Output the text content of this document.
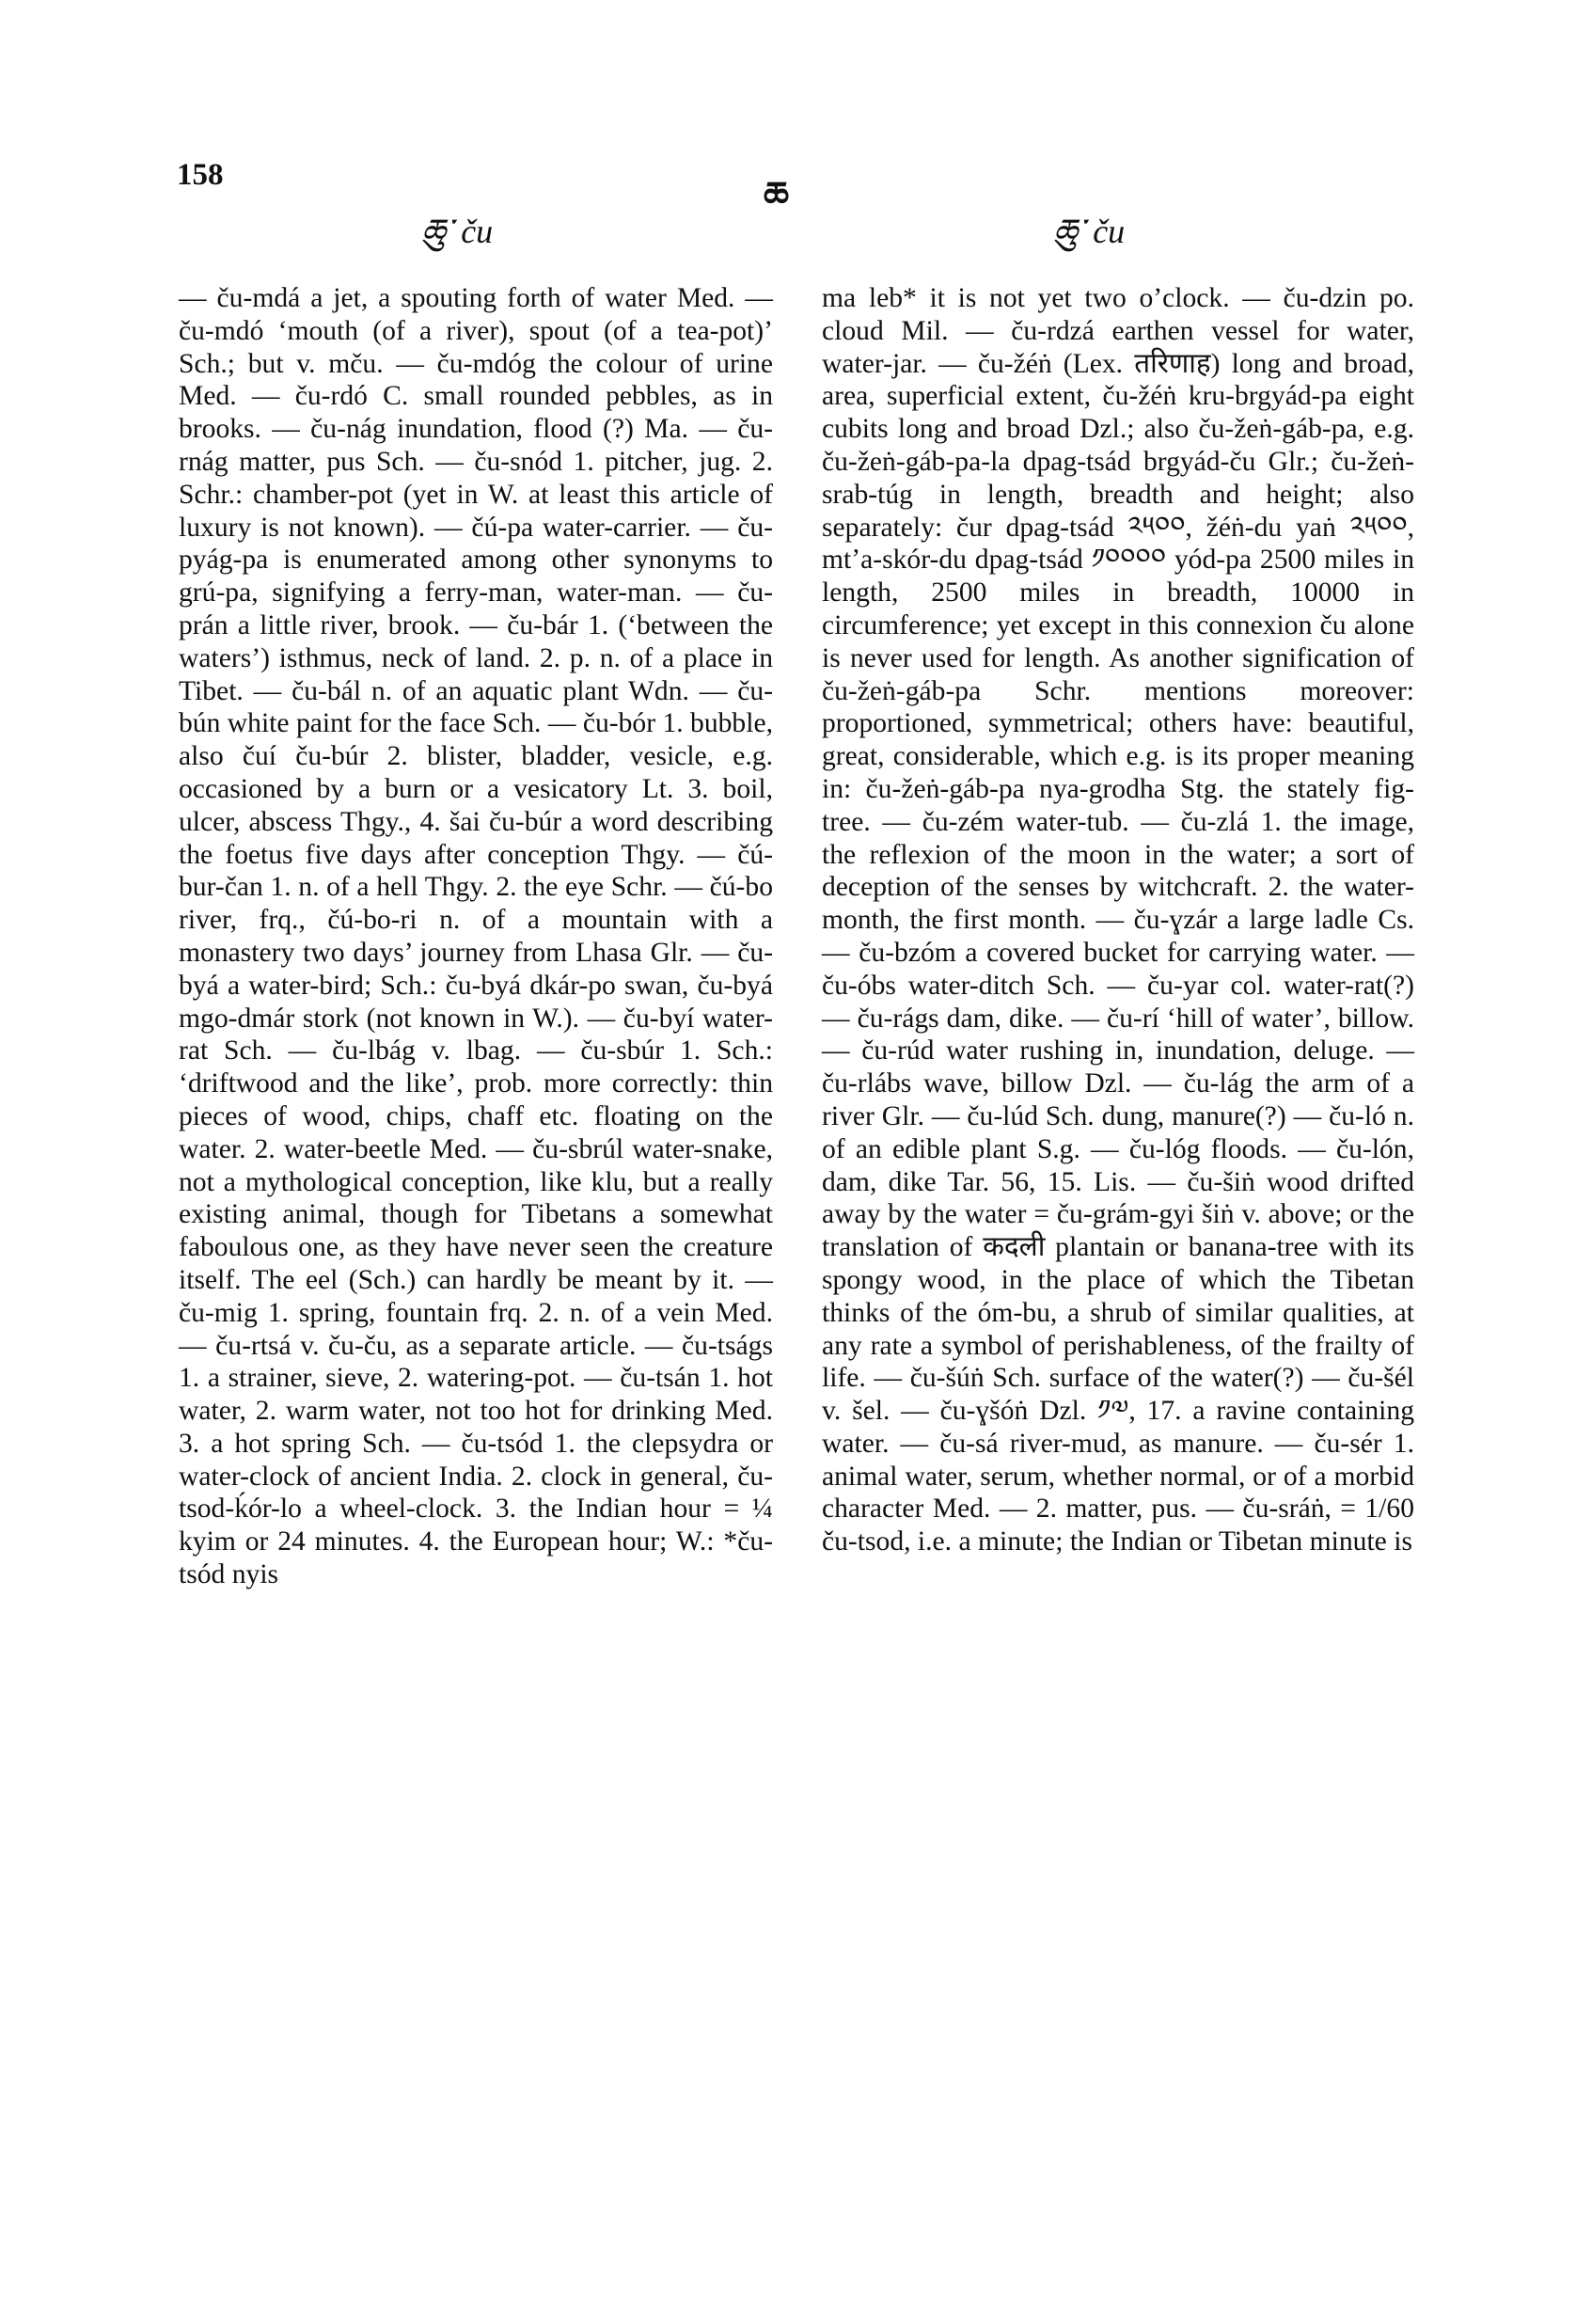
158
ཆ
ཆུ་ ču	ཆུ་ ču

— ču-mdá a jet, a spouting forth of water Med. — ču-mdó ‘mouth (of a river), spout (of a tea-pot)’ Sch.; but v. mču. — ču-mdóg the colour of urine Med. — ču-rdó C. small rounded pebbles, as in brooks. — ču-nág inundation, flood (?) Ma. — ču-rnág matter, pus Sch. — ču-snód 1. pitcher, jug. 2. Schr.: chamber-pot (yet in W. at least this article of luxury is not known). — čú-pa water-carrier. — ču-pyág-pa is enumerated among other synonyms to grú-pa, signifying a ferry-man, water-man. — ču-prán a little river, brook. — ču-bár 1. (‘between the waters’) isthmus, neck of land. 2. p. n. of a place in Tibet. — ču-bál n. of an aquatic plant Wdn. — ču-bún white paint for the face Sch. — ču-bór 1. bubble, also čuí ču-búr 2. blister, bladder, vesicle, e.g. occasioned by a burn or a vesicatory Lt. 3. boil, ulcer, abscess Thgy., 4. šai ču-búr a word describing the foetus five days after conception Thgy. — čú-bur-čan 1. n. of a hell Thgy. 2. the eye Schr. — čú-bo river, frq., čú-bo-ri n. of a mountain with a monastery two days’ journey from Lhasa Glr. — ču-byá a water-bird; Sch.: ču-byá dkár-po swan, ču-byá mgo-dmár stork (not known in W.). — ču-byí water-rat Sch. — ču-lbág v. lbag. — ču-sbúr 1. Sch.: ‘driftwood and the like’, prob. more correctly: thin pieces of wood, chips, chaff etc. floating on the water. 2. water-beetle Med. — ču-sbrúl water-snake, not a mythological conception, like klu, but a really existing animal, though for Tibetans a somewhat faboulous one, as they have never seen the creature itself. The eel (Sch.) can hardly be meant by it. — ču-mig 1. spring, fountain frq. 2. n. of a vein Med. — ču-rtsá v. ču-ču, as a separate article. — ču-tságs 1. a strainer, sieve, 2. watering-pot. — ču-tsán 1. hot water, 2. warm water, not too hot for drinking Med. 3. a hot spring Sch. — ču-tsód 1. the clepsydra or water-clock of ancient India. 2. clock in general, ču-tsod-ḱór-lo a wheel-clock. 3. the Indian hour = ¼ kyim or 24 minutes. 4. the European hour; W.: *ču-tsód nyis

ma leb* it is not yet two o’clock. — ču-dzin po. cloud Mil. — ču-rdzá earthen vessel for water, water-jar. — ču-žéṅ (Lex. तरिणाह) long and broad, area, superficial extent, ču-žéṅ kru-brgyád-pa eight cubits long and broad Dzl.; also ču-žeṅ-gáb-pa, e.g. ču-žeṅ-gáb-pa-la dpag-tsád brgyád-ču Glr.; ču-žeṅ-srab-túg in length, breadth and height; also separately: čur dpag-tsád ༢༥༠༠, žéṅ-du yaṅ ༢༥༠༠, mtʼa-skór-du dpag-tsád ༡༠༠༠༠ yód-pa 2500 miles in length, 2500 miles in breadth, 10000 in circumference; yet except in this connexion ču alone is never used for length. As another signification of ču-žeṅ-gáb-pa Schr. mentions moreover: proportioned, symmetrical; others have: beautiful, great, considerable, which e.g. is its proper meaning in: ču-žeṅ-gáb-pa nya-grodha Stg. the stately fig-tree. — ču-zém water-tub. — ču-zlá 1. the image, the reflexion of the moon in the water; a sort of deception of the senses by witchcraft. 2. the water-month, the first month. — ču-ɣzár a large ladle Cs. — ču-bzóm a covered bucket for carrying water. — ču-óbs water-ditch Sch. — ču-yar col. water-rat(?) — ču-rágs dam, dike. — ču-rí ‘hill of water’, billow. — ču-rúd water rushing in, inundation, deluge. — ču-rlábs wave, billow Dzl. — ču-lág the arm of a river Glr. — ču-lúd Sch. dung, manure(?) — ču-ló n. of an edible plant S.g. — ču-lóg floods. — ču-lón, dam, dike Tar. 56, 15. Lis. — ču-šiṅ wood drifted away by the water = ču-grám-gyi šiṅ v. above; or the translation of कदली plantain or banana-tree with its spongy wood, in the place of which the Tibetan thinks of the óm-bu, a shrub of similar qualities, at any rate a symbol of perishableness, of the frailty of life. — ču-šúṅ Sch. surface of the water(?) — ču-šél v. šel. — ču-ɣšóṅ Dzl. ༡༧, 17. a ravine containing water. — ču-sá river-mud, as manure. — ču-sér 1. animal water, serum, whether normal, or of a morbid character Med. — 2. matter, pus. — ču-sráṅ, = 1/60 ču-tsod, i.e. a minute; the Indian or Tibetan minute is
